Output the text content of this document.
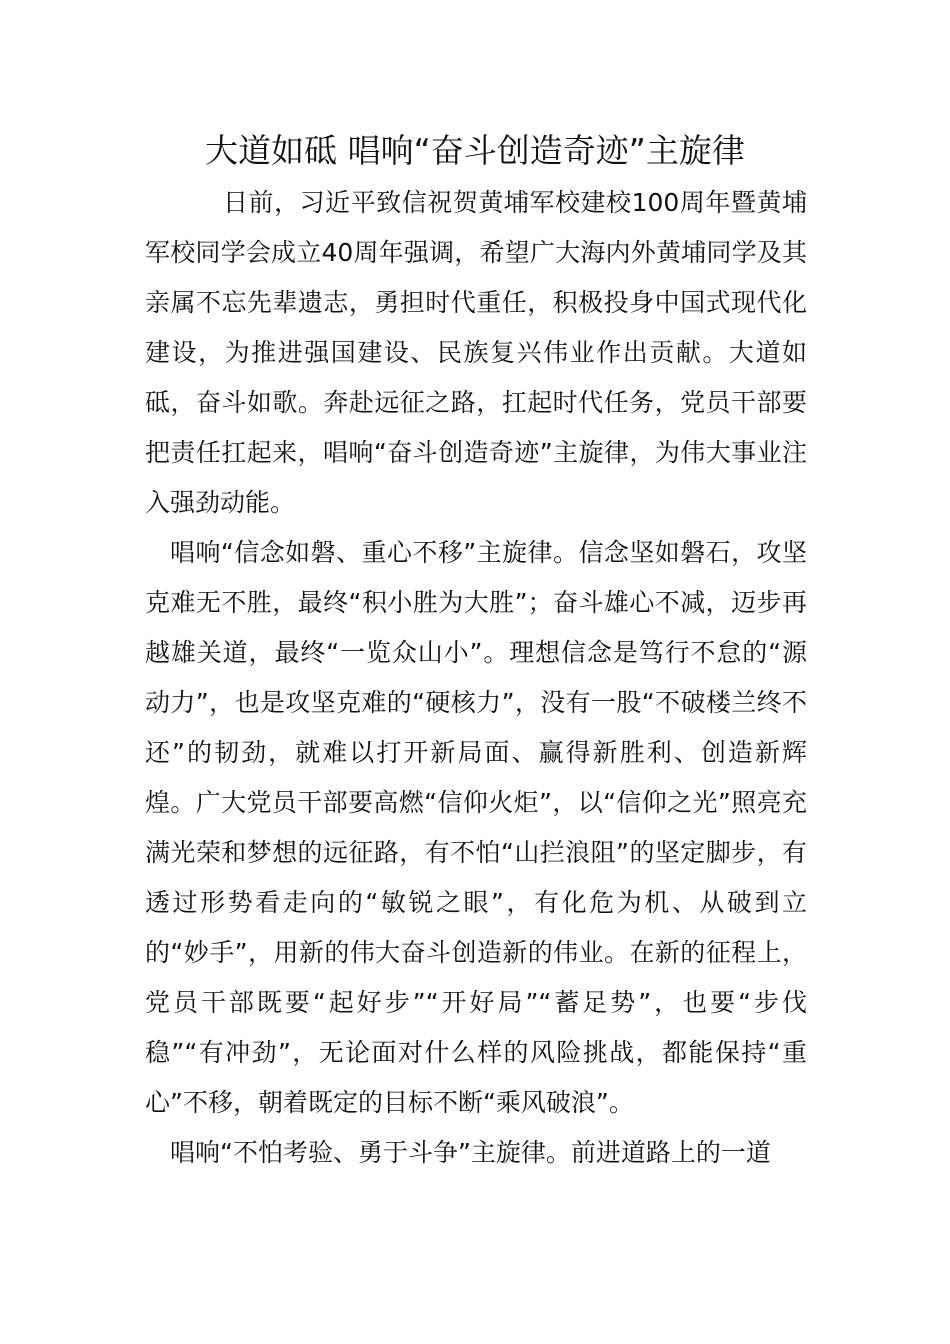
大道如砥 唱响“奋斗创造奇迹”主旋律

日前，习近平致信祝贺黄埔军校建校100周年暨黄埔军校同学会成立40周年强调，希望广大海内外黄埔同学及其亲属不忘先辈遗志，勇担时代重任，积极投身中国式现代化建设，为推进强国建设、民族复兴伟业作出贡献。大道如砥，奋斗如歌。奔赴远征之路，扛起时代任务，党员干部要把责任扛起来，唱响“奋斗创造奇迹”主旋律，为伟大事业注入强劲动能。

唱响“信念如磐、重心不移”主旋律。信念坚如磐石，攻坚克难无不胜，最终“积小胜为大胜”；奋斗雄心不减，迈步再越雄关道，最终“一览众山小”。理想信念是笃行不怠的“源动力”，也是攻坚克难的“硬核力”，没有一股“不破楼兰终不还”的韧劲，就难以打开新局面、赢得新胜利、创造新辉煌。广大党员干部要高燃“信仰火炬”，以“信仰之光”照亮充满光荣和梦想的远征路，有不怕“山拦浪阻”的坚定脚步，有透过形势看走向的“敏锐之眼”，有化危为机、从破到立的“妙手”，用新的伟大奋斗创造新的伟业。在新的征程上，党员干部既要“起好步”“开好局”“蓄足势”，也要“步伐稳”“有冲劲”，无论面对什么样的风险挑战，都能保持“重心”不移，朝着既定的目标不断“乘风破浪”。

唱响“不怕考验、勇于斗争”主旋律。前进道路上的一道
